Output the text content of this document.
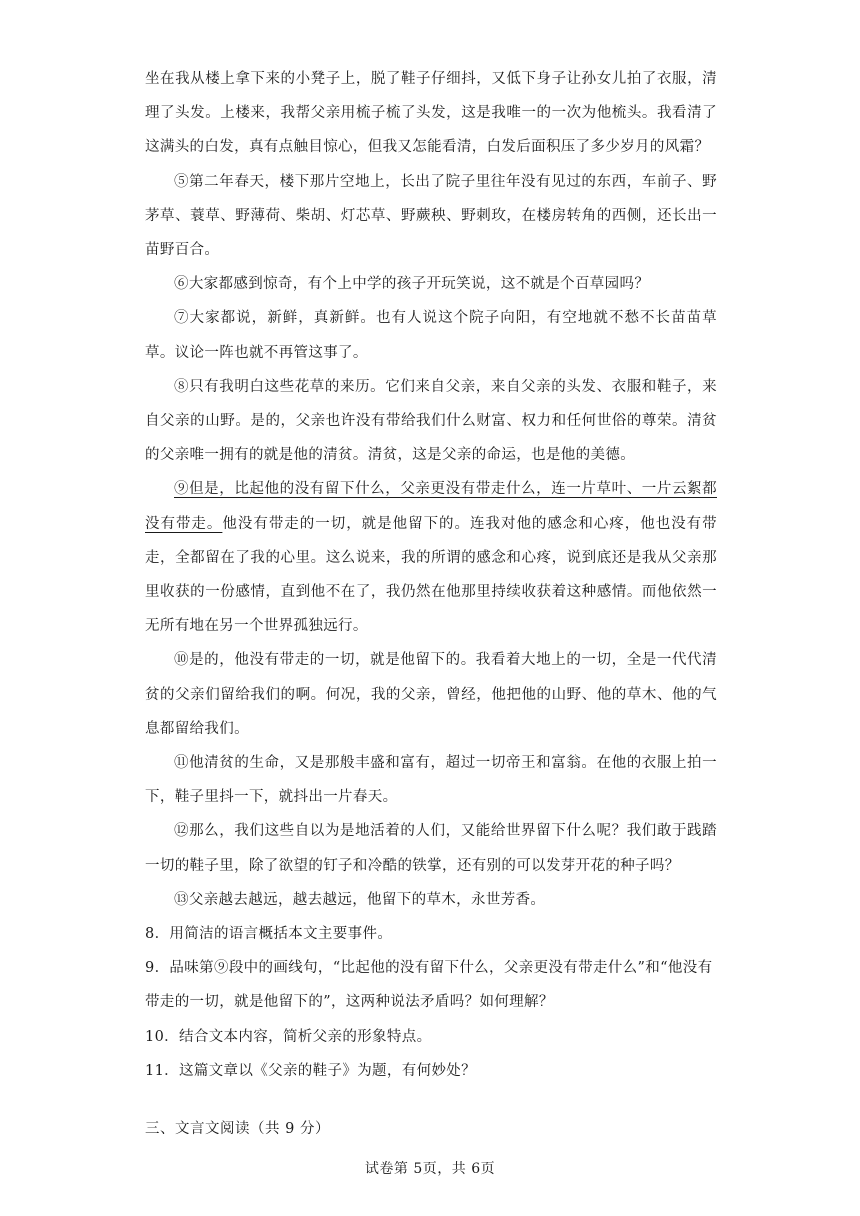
坐在我从楼上拿下来的小凳子上，脱了鞋子仔细抖，又低下身子让孙女儿拍了衣服，清理了头发。上楼来，我帮父亲用梳子梳了头发，这是我唯一的一次为他梳头。我看清了这满头的白发，真有点触目惊心，但我又怎能看清，白发后面积压了多少岁月的风霜？

⑤第二年春天，楼下那片空地上，长出了院子里往年没有见过的东西，车前子、野茅草、蓑草、野薄荷、柴胡、灯芯草、野蕨秧、野刺玫，在楼房转角的西侧，还长出一苗野百合。

⑥大家都感到惊奇，有个上中学的孩子开玩笑说，这不就是个百草园吗？

⑦大家都说，新鲜，真新鲜。也有人说这个院子向阳，有空地就不愁不长苗苗草草。议论一阵也就不再管这事了。

⑧只有我明白这些花草的来历。它们来自父亲，来自父亲的头发、衣服和鞋子，来自父亲的山野。是的，父亲也许没有带给我们什么财富、权力和任何世俗的尊荣。清贫的父亲唯一拥有的就是他的清贫。清贫，这是父亲的命运，也是他的美德。

⑨但是，比起他的没有留下什么，父亲更没有带走什么，连一片草叶、一片云絮都没有带走。他没有带走的一切，就是他留下的。连我对他的感念和心疼，他也没有带走，全都留在了我的心里。这么说来，我的所谓的感念和心疼，说到底还是我从父亲那里收获的一份感情，直到他不在了，我仍然在他那里持续收获着这种感情。而他依然一无所有地在另一个世界孤独远行。

⑩是的，他没有带走的一切，就是他留下的。我看着大地上的一切，全是一代代清贫的父亲们留给我们的啊。何况，我的父亲，曾经，他把他的山野、他的草木、他的气息都留给我们。

⑪他清贫的生命，又是那般丰盛和富有，超过一切帝王和富翁。在他的衣服上拍一下，鞋子里抖一下，就抖出一片春天。

⑫那么，我们这些自以为是地活着的人们，又能给世界留下什么呢？我们敢于践踏一切的鞋子里，除了欲望的钉子和冷酷的铁掌，还有别的可以发芽开花的种子吗？

⑬父亲越去越远，越去越远，他留下的草木，永世芳香。

8．用简洁的语言概括本文主要事件。

9．品味第⑨段中的画线句，“比起他的没有留下什么，父亲更没有带走什么”和“他没有带走的一切，就是他留下的”，这两种说法矛盾吗？如何理解？

10．结合文本内容，简析父亲的形象特点。

11．这篇文章以《父亲的鞋子》为题，有何妙处？

三、文言文阅读（共 9 分）

试卷第 5页，共 6页
